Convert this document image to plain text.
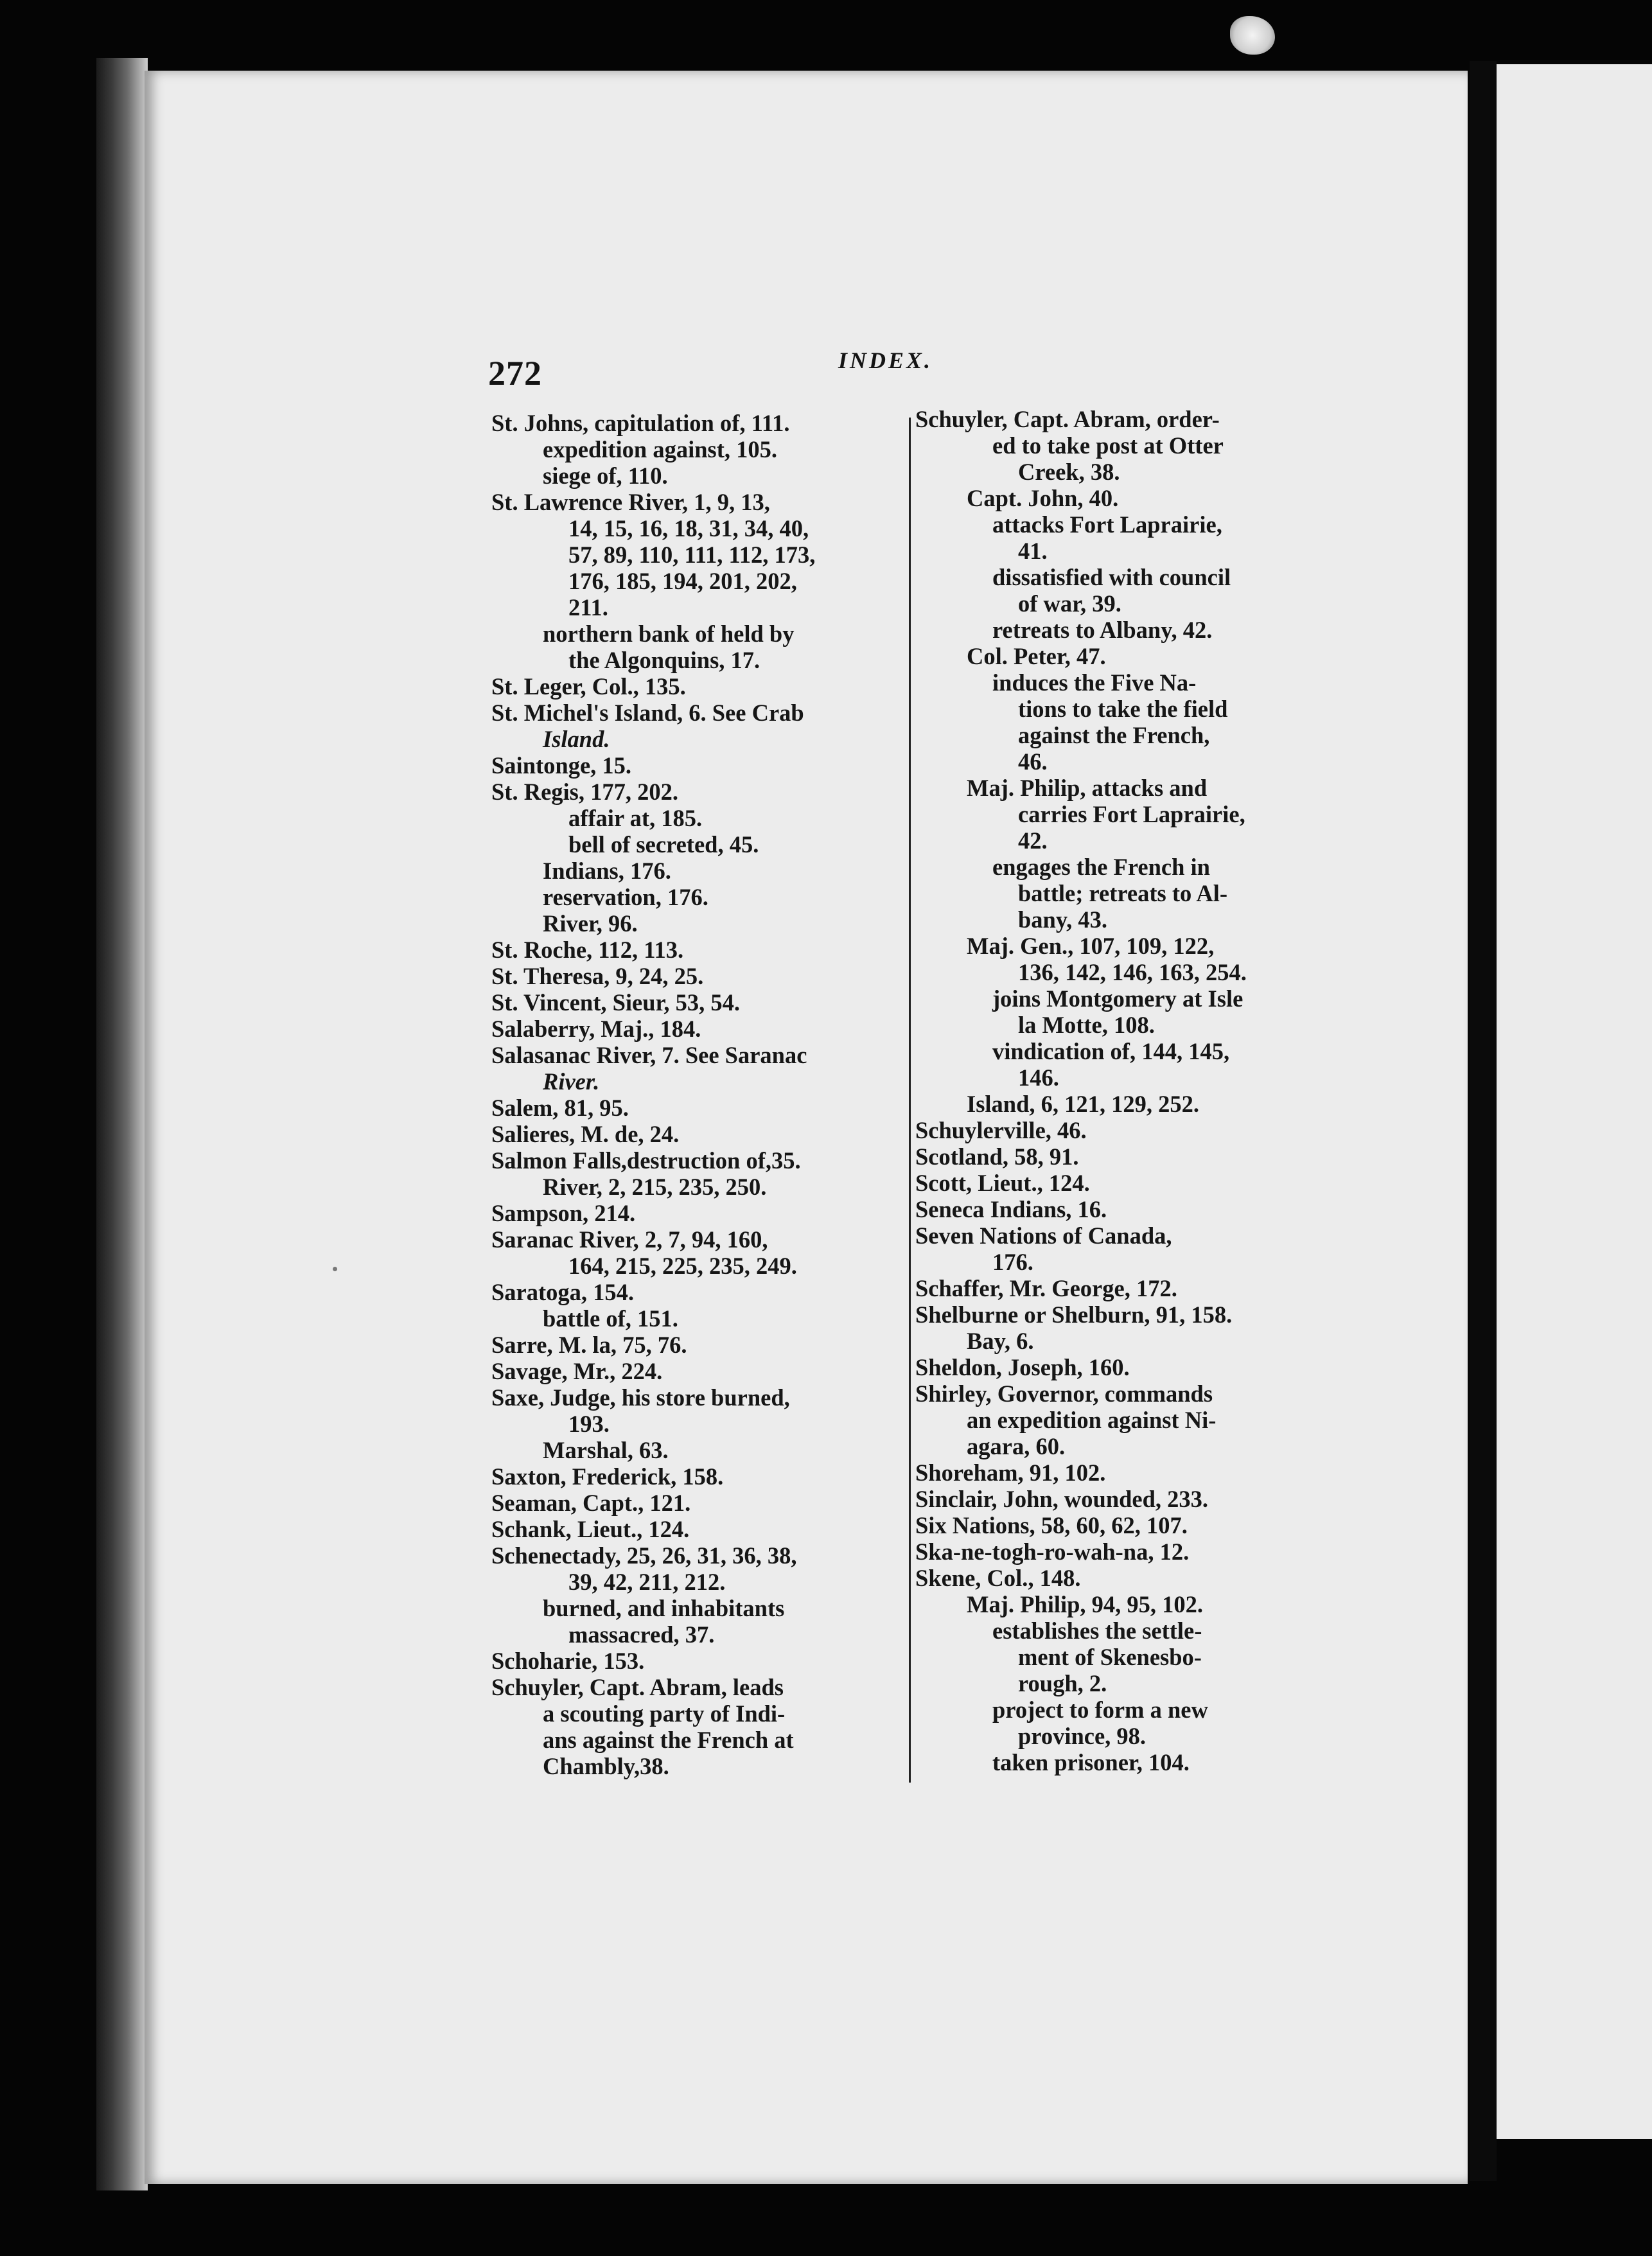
272	INDEX.
St. Johns, capitulation of, 111.
expedition against, 105.
siege of, 110.
St. Lawrence River, 1, 9, 13,
14, 15, 16, 18, 31, 34, 40,
57, 89, 110, 111, 112, 173,
176, 185, 194, 201, 202,
211.
northern bank of held by
the Algonquins, 17.
St. Leger, Col., 135.
St. Michel's Island, 6. See Crab
Island.
Saintonge, 15.
St. Regis, 177, 202.
affair at, 185.
bell of secreted, 45.
Indians, 176.
reservation, 176.
River, 96.
St. Roche, 112, 113.
St. Theresa, 9, 24, 25.
St. Vincent, Sieur, 53, 54.
Salaberry, Maj., 184.
Salasanac River, 7. See Saranac
River.
Salem, 81, 95.
Salieres, M. de, 24.
Salmon Falls,destruction of,35.
River, 2, 215, 235, 250.
Sampson, 214.
Saranac River, 2, 7, 94, 160,
164, 215, 225, 235, 249.
Saratoga, 154.
battle of, 151.
Sarre, M. la, 75, 76.
Savage, Mr., 224.
Saxe, Judge, his store burned,
193.
Marshal, 63.
Saxton, Frederick, 158.
Seaman, Capt., 121.
Schank, Lieut., 124.
Schenectady, 25, 26, 31, 36, 38,
39, 42, 211, 212.
burned, and inhabitants
massacred, 37.
Schoharie, 153.
Schuyler, Capt. Abram, leads
a scouting party of Indi-
ans against the French at
Chambly,38.
Schuyler, Capt. Abram, order-
ed to take post at Otter
Creek, 38.
Capt. John, 40.
attacks Fort Laprairie,
41.
dissatisfied with council
of war, 39.
retreats to Albany, 42.
Col. Peter, 47.
induces the Five Na-
tions to take the field
against the French,
46.
Maj. Philip, attacks and
carries Fort Laprairie,
42.
engages the French in
battle; retreats to Al-
bany, 43.
Maj. Gen., 107, 109, 122,
136, 142, 146, 163, 254.
joins Montgomery at Isle
la Motte, 108.
vindication of, 144, 145,
146.
Island, 6, 121, 129, 252.
Schuylerville, 46.
Scotland, 58, 91.
Scott, Lieut., 124.
Seneca Indians, 16.
Seven Nations of Canada,
176.
Schaffer, Mr. George, 172.
Shelburne or Shelburn, 91, 158.
Bay, 6.
Sheldon, Joseph, 160.
Shirley, Governor, commands
an expedition against Ni-
agara, 60.
Shoreham, 91, 102.
Sinclair, John, wounded, 233.
Six Nations, 58, 60, 62, 107.
Ska-ne-togh-ro-wah-na, 12.
Skene, Col., 148.
Maj. Philip, 94, 95, 102.
establishes the settle-
ment of Skenesbo-
rough, 2.
project to form a new
province, 98.
taken prisoner, 104.
